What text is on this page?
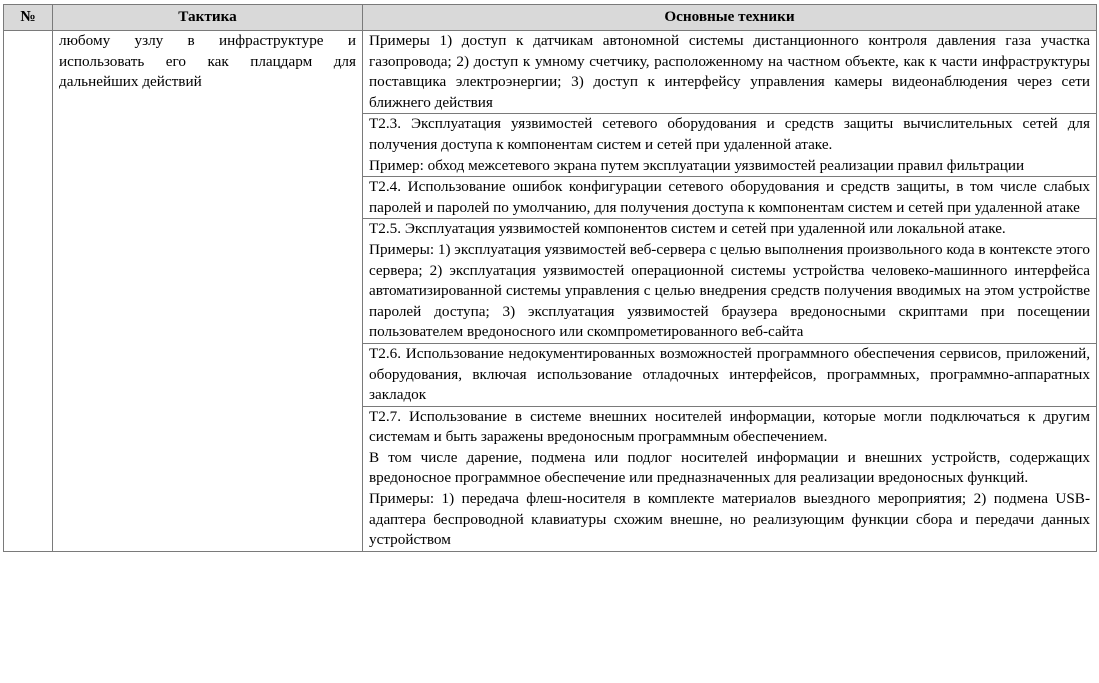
№	Тактика	Основные техники
	любому узлу в инфраструктуре и использовать его как плацдарм для дальнейших действий	Примеры 1) доступ к датчикам автономной системы дистанционного контроля давления газа участка газопровода; 2) доступ к умному счетчику, расположенному на частном объекте, как к части инфраструктуры поставщика электроэнергии; 3) доступ к интерфейсу управления камеры видеонаблюдения через сети ближнего действия

		Т2.3. Эксплуатация уязвимостей сетевого оборудования и средств защиты вычислительных сетей для получения доступа к компонентам систем и сетей при удаленной атаке.

Пример: обход межсетевого экрана путем эксплуатации уязвимостей реализации правил фильтрации

		Т2.4. Использование ошибок конфигурации сетевого оборудования и средств защиты, в том числе слабых паролей и паролей по умолчанию, для получения доступа к компонентам систем и сетей при удаленной атаке

		Т2.5. Эксплуатация уязвимостей компонентов систем и сетей при удаленной или локальной атаке.

Примеры: 1) эксплуатация уязвимостей веб-сервера с целью выполнения произвольного кода в контексте этого сервера; 2) эксплуатация уязвимостей операционной системы устройства человеко-машинного интерфейса автоматизированной системы управления с целью внедрения средств получения вводимых на этом устройстве паролей доступа; 3) эксплуатация уязвимостей браузера вредоносными скриптами при посещении пользователем вредоносного или скомпрометированного веб-сайта

		Т2.6. Использование недокументированных возможностей программного обеспечения сервисов, приложений, оборудования, включая использование отладочных интерфейсов, программных, программно-аппаратных закладок

		Т2.7. Использование в системе внешних носителей информации, которые могли подключаться к другим системам и быть заражены вредоносным программным обеспечением.

В том числе дарение, подмена или подлог носителей информации и внешних устройств, содержащих вредоносное программное обеспечение или предназначенных для реализации вредоносных функций.

Примеры: 1) передача флеш-носителя в комплекте материалов выездного мероприятия; 2) подмена USB-адаптера беспроводной клавиатуры схожим внешне, но реализующим функции сбора и передачи данных устройством
